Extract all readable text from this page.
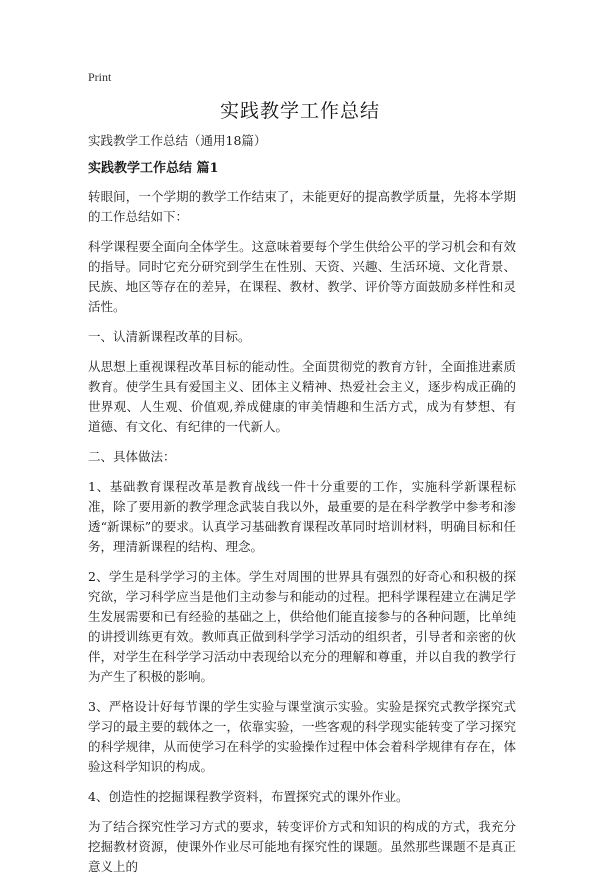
Print
实践教学工作总结

实践教学工作总结（通用18篇）

实践教学工作总结 篇1

转眼间，一个学期的教学工作结束了，未能更好的提高教学质量，先将本学期的工作总结如下：

科学课程要全面向全体学生。这意味着要每个学生供给公平的学习机会和有效的指导。同时它充分研究到学生在性别、天资、兴趣、生活环境、文化背景、民族、地区等存在的差异，在课程、教材、教学、评价等方面鼓励多样性和灵活性。

一、认清新课程改革的目标。

从思想上重视课程改革目标的能动性。全面贯彻党的教育方针，全面推进素质教育。使学生具有爱国主义、团体主义精神、热爱社会主义，逐步构成正确的世界观、人生观、价值观,养成健康的审美情趣和生活方式，成为有梦想、有道德、有文化、有纪律的一代新人。

二、具体做法：

1、基础教育课程改革是教育战线一件十分重要的工作，实施科学新课程标准，除了要用新的教学理念武装自我以外，最重要的是在科学教学中参考和渗透“新课标”的要求。认真学习基础教育课程改革同时培训材料，明确目标和任务，理清新课程的结构、理念。

2、学生是科学学习的主体。学生对周围的世界具有强烈的好奇心和积极的探究欲，学习科学应当是他们主动参与和能动的过程。把科学课程建立在满足学生发展需要和已有经验的基础之上，供给他们能直接参与的各种问题，比单纯的讲授训练更有效。教师真正做到科学学习活动的组织者，引导者和亲密的伙伴，对学生在科学学习活动中表现给以充分的理解和尊重，并以自我的教学行为产生了积极的影响。

3、严格设计好每节课的学生实验与课堂演示实验。实验是探究式教学探究式学习的最主要的载体之一，依靠实验，一些客观的科学现实能转变了学习探究的科学规律，从而使学习在科学的实验操作过程中体会着科学规律有存在，体验这科学知识的构成。

4、创造性的挖掘课程教学资料，布置探究式的课外作业。

为了结合探究性学习方式的要求，转变评价方式和知识的构成的方式，我充分挖掘教材资源，使课外作业尽可能地有探究性的课题。虽然那些课题不是真正意义上的
